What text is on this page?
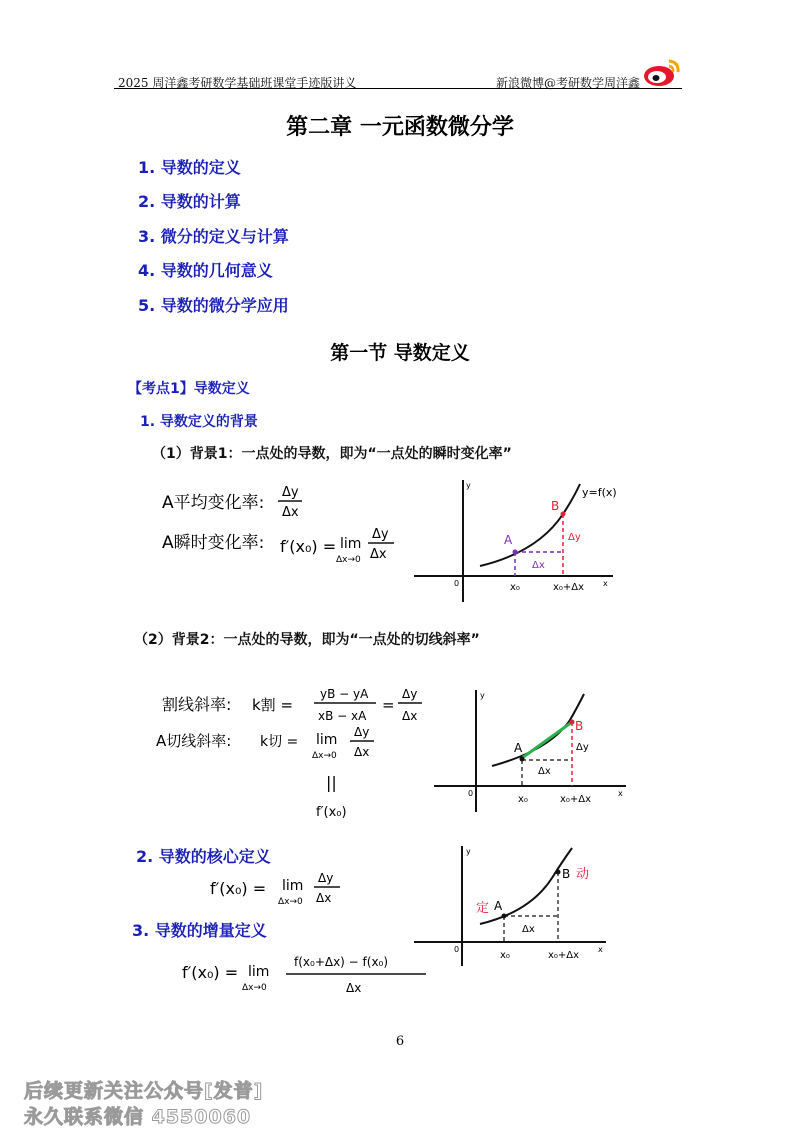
2025 周洋鑫考研数学基础班课堂手迹版讲义	新浪微博@考研数学周洋鑫
第二章 一元函数微分学
1. 导数的定义
2. 导数的计算
3. 微分的定义与计算
4. 导数的几何意义
5. 导数的微分学应用
第一节 导数定义
【考点1】导数定义
1. 导数定义的背景
（1）背景1：一点处的导数，即为“一点处的瞬时变化率”
A平均变化率:
Δy
Δx
A瞬时变化率: f′(x₀) = lim
Δx→0
Δy
Δx
y
x
0
y=f(x)
A
B
Δx
Δy
x₀	x₀+Δx
（2）背景2：一点处的导数，即为“一点处的切线斜率”
割线斜率: k割 =
yB − yA
xB − xA
=
Δy
Δx
A切线斜率: k切 = lim
Δx→0
Δy
Δx
||
f′(x₀)
y
x
0
A
B
Δx
Δy
x₀	x₀+Δx
2. 导数的核心定义
f′(x₀) = lim
Δx→0
Δy
Δx
y
x
0
A
B
定
动
Δx
x₀	x₀+Δx
3. 导数的增量定义
f′(x₀) = lim
Δx→0
f(x₀+Δx) − f(x₀)
Δx
6
后续更新关注公众号[发普]
永久联系微信 4550060
